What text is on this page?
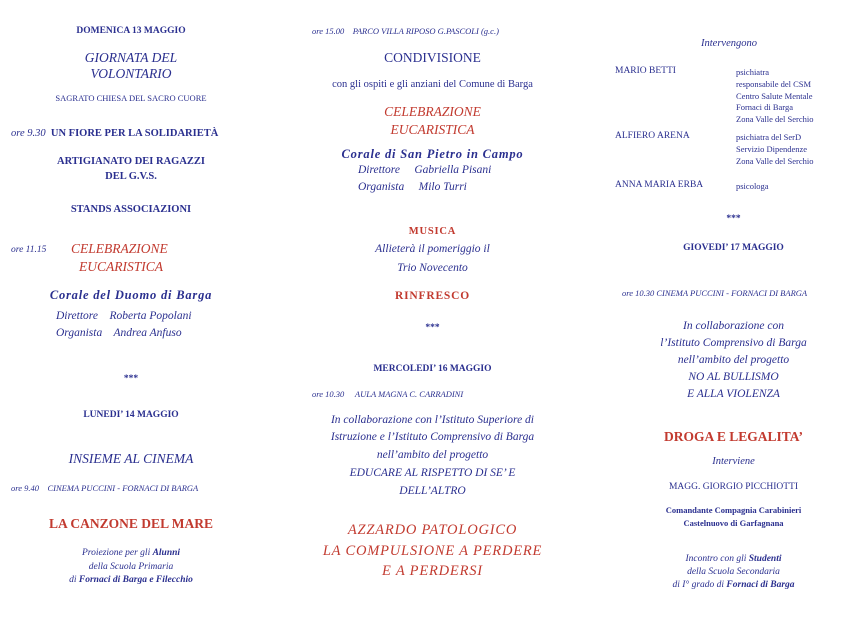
DOMENICA 13 MAGGIO
GIORNATA DEL
VOLONTARIO
SAGRATO CHIESA DEL SACRO CUORE
ore 9.30 UN FIORE PER LA SOLIDARIETÀ
ARTIGIANATO DEI RAGAZZI
DEL G.V.S.
STANDS ASSOCIAZIONI
ore 11.15 CELEBRAZIONE
EUCARISTICA
Corale del Duomo di Barga
Direttore Roberta Popolani
Organista Andrea Anfuso
***
LUNEDI’ 14 MAGGIO
INSIEME AL CINEMA
ore 9.40 CINEMA PUCCINI - FORNACI DI BARGA
LA CANZONE DEL MARE
Proiezione per gli Alunni
della Scuola Primaria
di Fornaci di Barga e Filecchio
ore 15.00 PARCO VILLA RIPOSO G.PASCOLI (g.c.)
CONDIVISIONE
con gli ospiti e gli anziani del Comune di Barga
CELEBRAZIONE
EUCARISTICA
Corale di San Pietro in Campo
Direttore Gabriella Pisani
Organista Milo Turri
MUSICA
Allieterà il pomeriggio il
Trio Novecento
RINFRESCO
***
MERCOLEDI’ 16 MAGGIO
ore 10.30 AULA MAGNA C. CARRADINI
In collaborazione con l’Istituto Superiore di
Istruzione e l’Istituto Comprensivo di Barga
nell’ambito del progetto
EDUCARE AL RISPETTO DI SE’ E
DELL’ALTRO
AZZARDO PATOLOGICO
LA COMPULSIONE A PERDERE
E A PERDERSI
Intervengono
MARIO BETTI	psichiatra
responsabile del CSM
Centro Salute Mentale
Fornaci di Barga
Zona Valle del Serchio
ALFIERO ARENA	psichiatra del SerD
Servizio Dipendenze
Zona Valle del Serchio
ANNA MARIA ERBA	psicologa
***
GIOVEDI’ 17 MAGGIO
ore 10.30 CINEMA PUCCINI - FORNACI DI BARGA
In collaborazione con
l’Istituto Comprensivo di Barga
nell’ambito del progetto
NO AL BULLISMO
E ALLA VIOLENZA
DROGA E LEGALITA’
Interviene
MAGG. GIORGIO PICCHIOTTI
Comandante Compagnia Carabinieri
Castelnuovo di Garfagnana
Incontro con gli Studenti
della Scuola Secondaria
di I° grado di Fornaci di Barga
